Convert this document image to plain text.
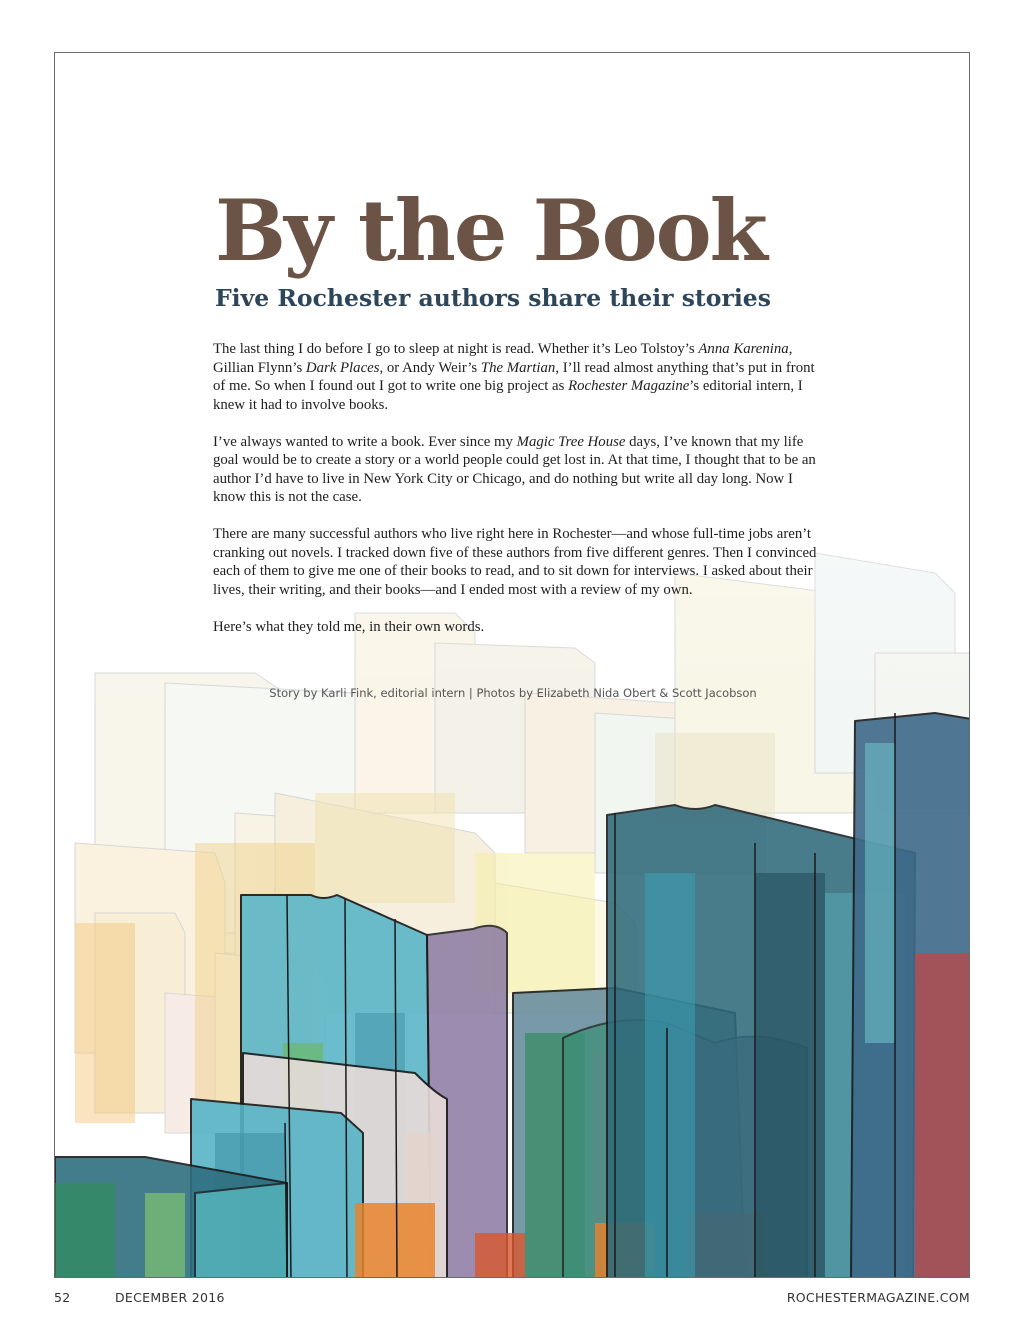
By the Book
Five Rochester authors share their stories

The last thing I do before I go to sleep at night is read. Whether it’s Leo Tolstoy’s Anna Karenina, Gillian Flynn’s Dark Places, or Andy Weir’s The Martian, I’ll read almost anything that’s put in front of me. So when I found out I got to write one big project as Rochester Magazine’s editorial intern, I knew it had to involve books.

I’ve always wanted to write a book. Ever since my Magic Tree House days, I’ve known that my life goal would be to create a story or a world people could get lost in. At that time, I thought that to be an author I’d have to live in New York City or Chicago, and do nothing but write all day long. Now I know this is not the case.

There are many successful authors who live right here in Rochester—and whose full-time jobs aren’t cranking out novels. I tracked down five of these authors from five different genres. Then I convinced each of them to give me one of their books to read, and to sit down for interviews. I asked about their lives, their writing, and their books—and I ended most with a review of my own.

Here’s what they told me, in their own words.

Story by Karli Fink, editorial intern | Photos by Elizabeth Nida Obert & Scott Jacobson
52	DECEMBER 2016	ROCHESTERMAGAZINE.COM
